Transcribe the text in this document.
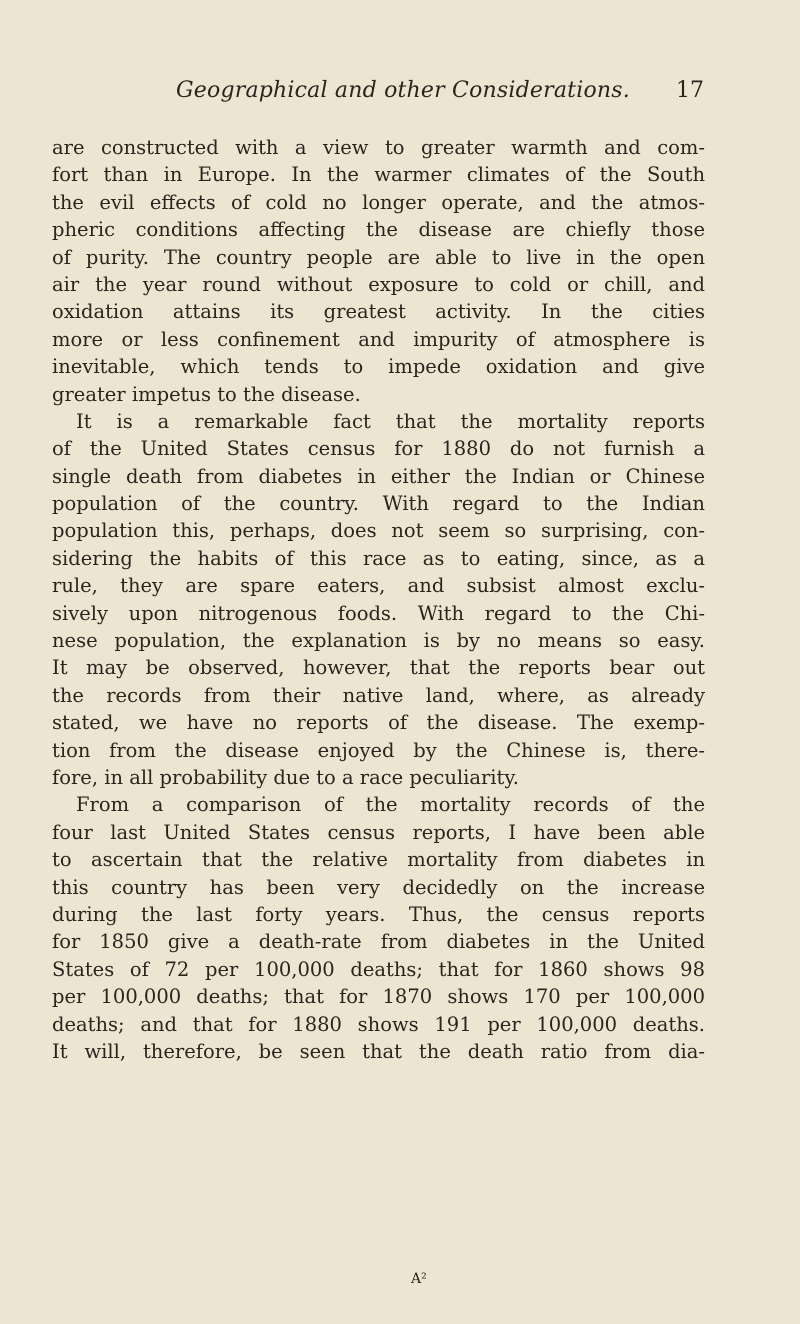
Geographical and other Considerations. 17
are constructed with a view to greater warmth and com-
fort than in Europe. In the warmer climates of the South
the evil effects of cold no longer operate, and the atmos-
pheric conditions affecting the disease are chiefly those
of purity. The country people are able to live in the open
air the year round without exposure to cold or chill, and
oxidation attains its greatest activity. In the cities
more or less confinement and impurity of atmosphere is
inevitable, which tends to impede oxidation and give
greater impetus to the disease.
It is a remarkable fact that the mortality reports
of the United States census for 1880 do not furnish a
single death from diabetes in either the Indian or Chinese
population of the country. With regard to the Indian
population this, perhaps, does not seem so surprising, con-
sidering the habits of this race as to eating, since, as a
rule, they are spare eaters, and subsist almost exclu-
sively upon nitrogenous foods. With regard to the Chi-
nese population, the explanation is by no means so easy.
It may be observed, however, that the reports bear out
the records from their native land, where, as already
stated, we have no reports of the disease. The exemp-
tion from the disease enjoyed by the Chinese is, there-
fore, in all probability due to a race peculiarity.
From a comparison of the mortality records of the
four last United States census reports, I have been able
to ascertain that the relative mortality from diabetes in
this country has been very decidedly on the increase
during the last forty years. Thus, the census reports
for 1850 give a death-rate from diabetes in the United
States of 72 per 100,000 deaths; that for 1860 shows 98
per 100,000 deaths; that for 1870 shows 170 per 100,000
deaths; and that for 1880 shows 191 per 100,000 deaths.
It will, therefore, be seen that the death ratio from dia-
A²
